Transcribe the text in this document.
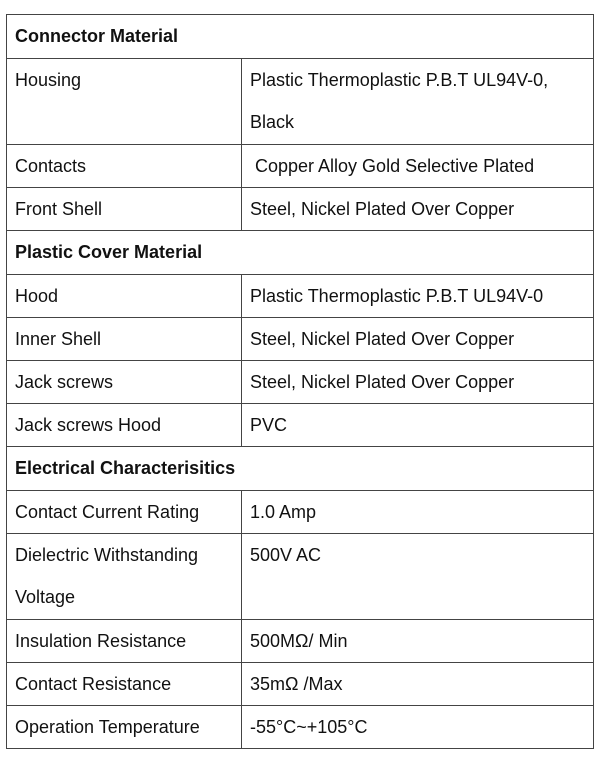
Connector Material	
Housing	Plastic Thermoplastic P.B.T UL94V-0, Black
Contacts	Copper Alloy Gold Selective Plated
Front Shell	Steel, Nickel Plated Over Copper
Plastic Cover Material	
Hood	Plastic Thermoplastic P.B.T UL94V-0
Inner Shell	Steel, Nickel Plated Over Copper
Jack screws	Steel, Nickel Plated Over Copper
Jack screws Hood	PVC
Electrical Characterisitics	
Contact Current Rating	1.0 Amp
Dielectric Withstanding Voltage	500V AC
Insulation Resistance	500MΩ/ Min
Contact Resistance	35mΩ /Max
Operation Temperature	-55°C~+105°C
